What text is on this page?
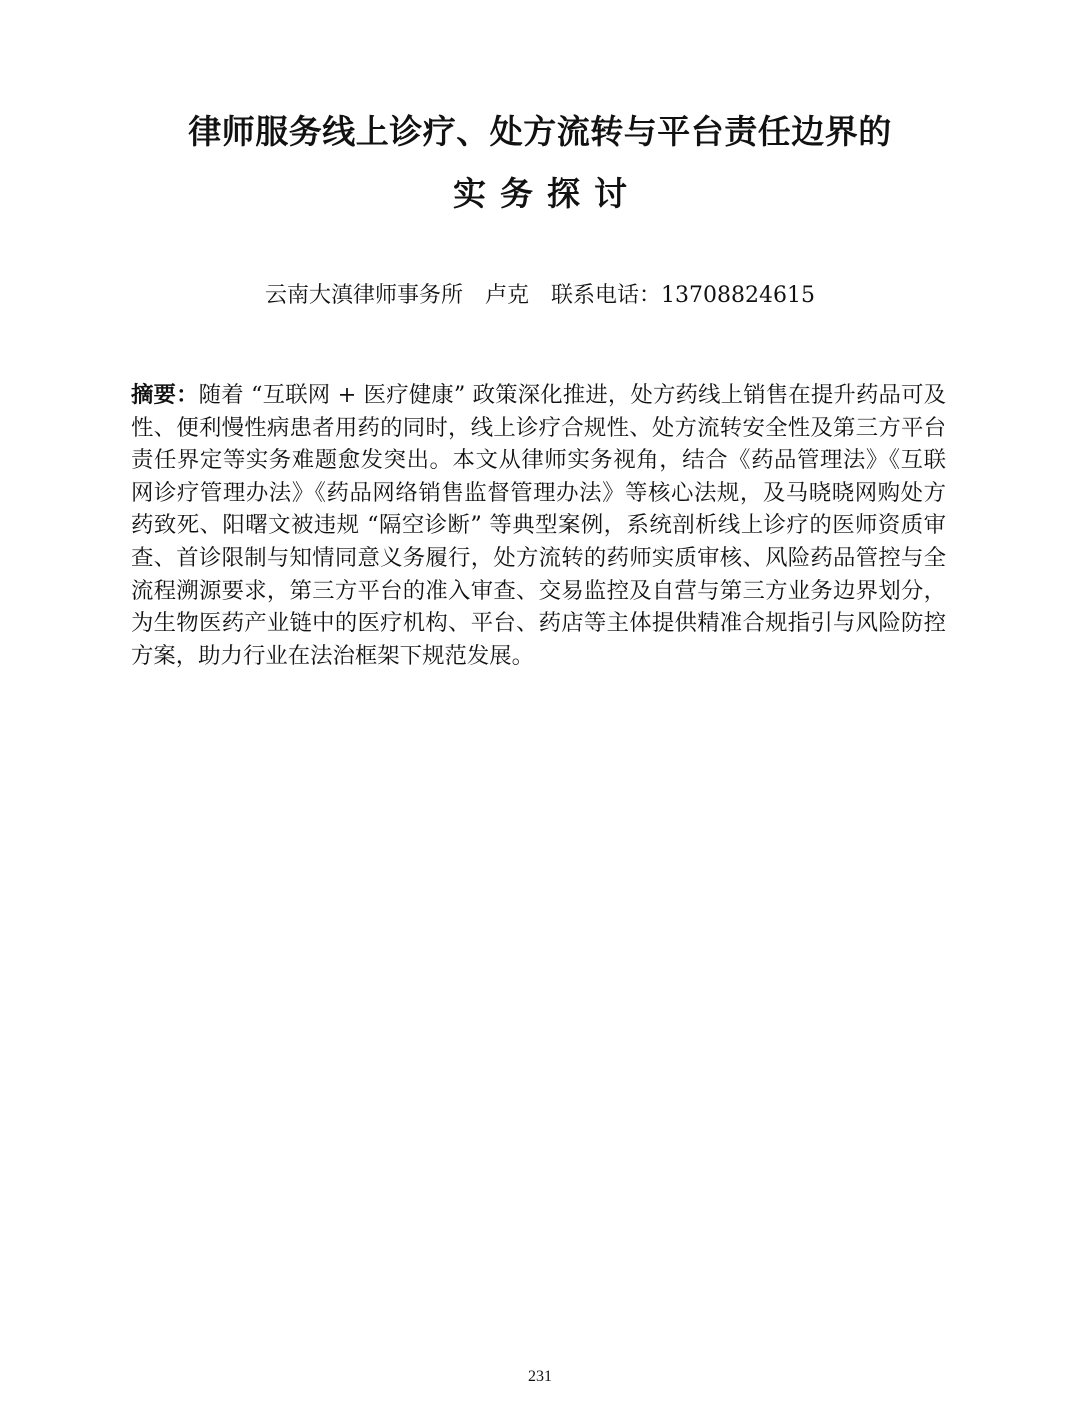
律师服务线上诊疗、处方流转与平台责任边界的
实务探讨
云南大滇律师事务所　卢克　联系电话：13708824615
摘要：随着 “互联网 + 医疗健康” 政策深化推进，处方药线上销售在提升药品可及性、便利慢性病患者用药的同时，线上诊疗合规性、处方流转安全性及第三方平台责任界定等实务难题愈发突出。本文从律师实务视角，结合《药品管理法》《互联网诊疗管理办法》《药品网络销售监督管理办法》等核心法规，及马晓晓网购处方药致死、阳曙文被违规 “隔空诊断” 等典型案例，系统剖析线上诊疗的医师资质审查、首诊限制与知情同意义务履行，处方流转的药师实质审核、风险药品管控与全流程溯源要求，第三方平台的准入审查、交易监控及自营与第三方业务边界划分，为生物医药产业链中的医疗机构、平台、药店等主体提供精准合规指引与风险防控方案，助力行业在法治框架下规范发展。
231
